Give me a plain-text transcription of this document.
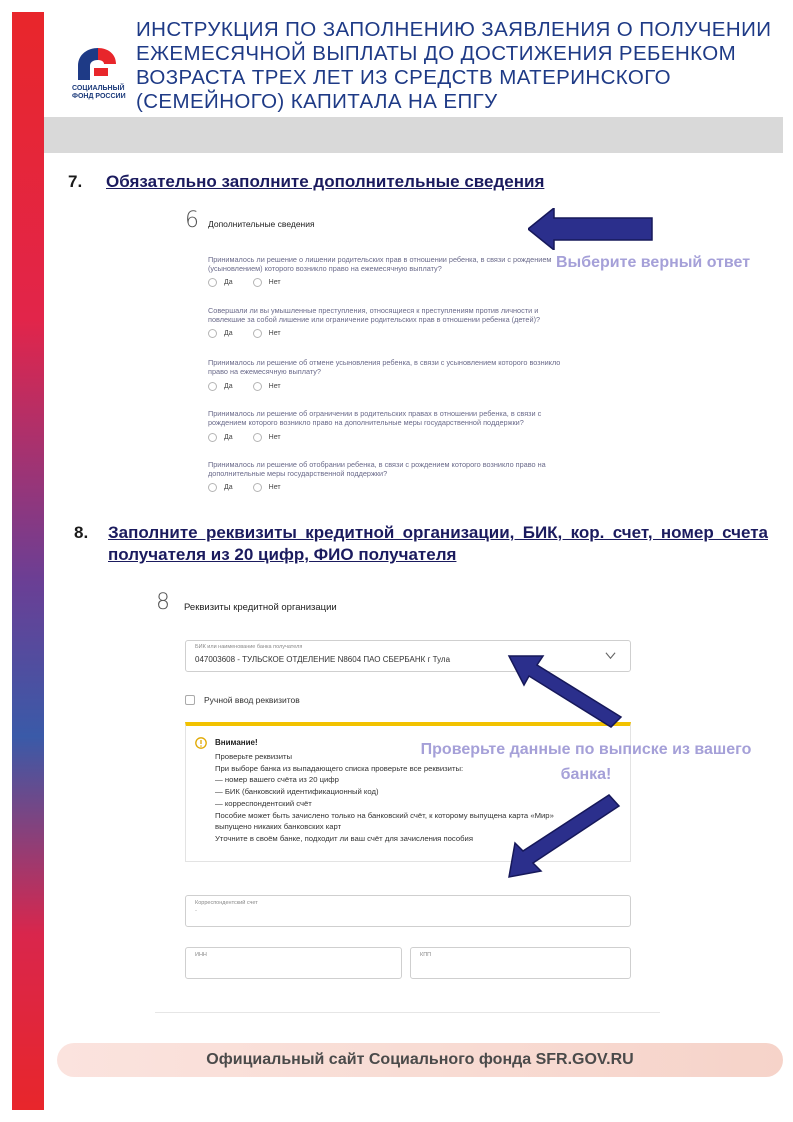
СОЦИАЛЬНЫЙ ФОНД РОССИИ
ИНСТРУКЦИЯ ПО ЗАПОЛНЕНИЮ ЗАЯВЛЕНИЯ О ПОЛУЧЕНИИ ЕЖЕМЕСЯЧНОЙ ВЫПЛАТЫ ДО ДОСТИЖЕНИЯ РЕБЕНКОМ ВОЗРАСТА ТРЕХ ЛЕТ ИЗ СРЕДСТВ МАТЕРИНСКОГО (СЕМЕЙНОГО) КАПИТАЛА НА ЕПГУ
7. Обязательно заполните дополнительные сведения
6 Дополнительные сведения
Принималось ли решение о лишении родительских прав в отношении ребенка, в связи с рождением (усыновлением) которого возникло право на ежемесячную выплату?
Да	Нет
Совершали ли вы умышленные преступления, относящиеся к преступлениям против личности и повлекшие за собой лишение или ограничение родительских прав в отношении ребенка (детей)?
Да	Нет
Принималось ли решение об отмене усыновления ребенка, в связи с усыновлением которого возникло право на ежемесячную выплату?
Да	Нет
Принималось ли решение об ограничении в родительских правах в отношении ребенка, в связи с рождением которого возникло право на дополнительные меры государственной поддержки?
Да	Нет
Принималось ли решение об отобрании ребенка, в связи с рождением которого возникло право на дополнительные меры государственной поддержки?
Да	Нет
Выберите верный ответ
8. Заполните реквизиты кредитной организации, БИК, кор. счет, номер счета получателя из 20 цифр, ФИО получателя
8 Реквизиты кредитной организации
БИК или наименование банка получателя
047003608 - ТУЛЬСКОЕ ОТДЕЛЕНИЕ N8604 ПАО СБЕРБАНК г Тула
Ручной ввод реквизитов
Внимание!
Проверьте реквизиты
При выборе банка из выпадающего списка проверьте все реквизиты:
— номер вашего счёта из 20 цифр
— БИК (банковский идентификационный код)
— корреспондентский счёт
Пособие может быть зачислено только на банковский счёт, к которому выпущена карта «Мир»
выпущено никаких банковских карт
Уточните в своём банке, подходит ли ваш счёт для зачисления пособия
Корреспондентский счет
-
ИНН	КПП
Проверьте данные по выписке из вашего банка!
Официальный сайт Социального фонда SFR.GOV.RU
